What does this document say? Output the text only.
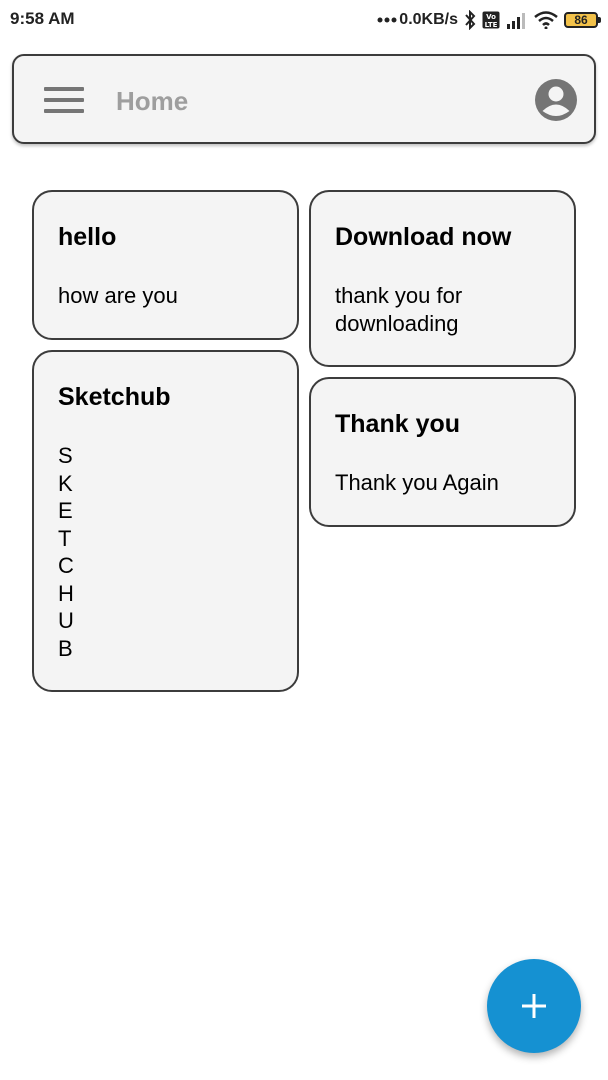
9:58 AM	0.0KB/s	Vo
LTE	86
Home
hello
how are you
Download now
thank you for
downloading
Sketchub
S
K
E
T
C
H
U
B
Thank you
Thank you Again
